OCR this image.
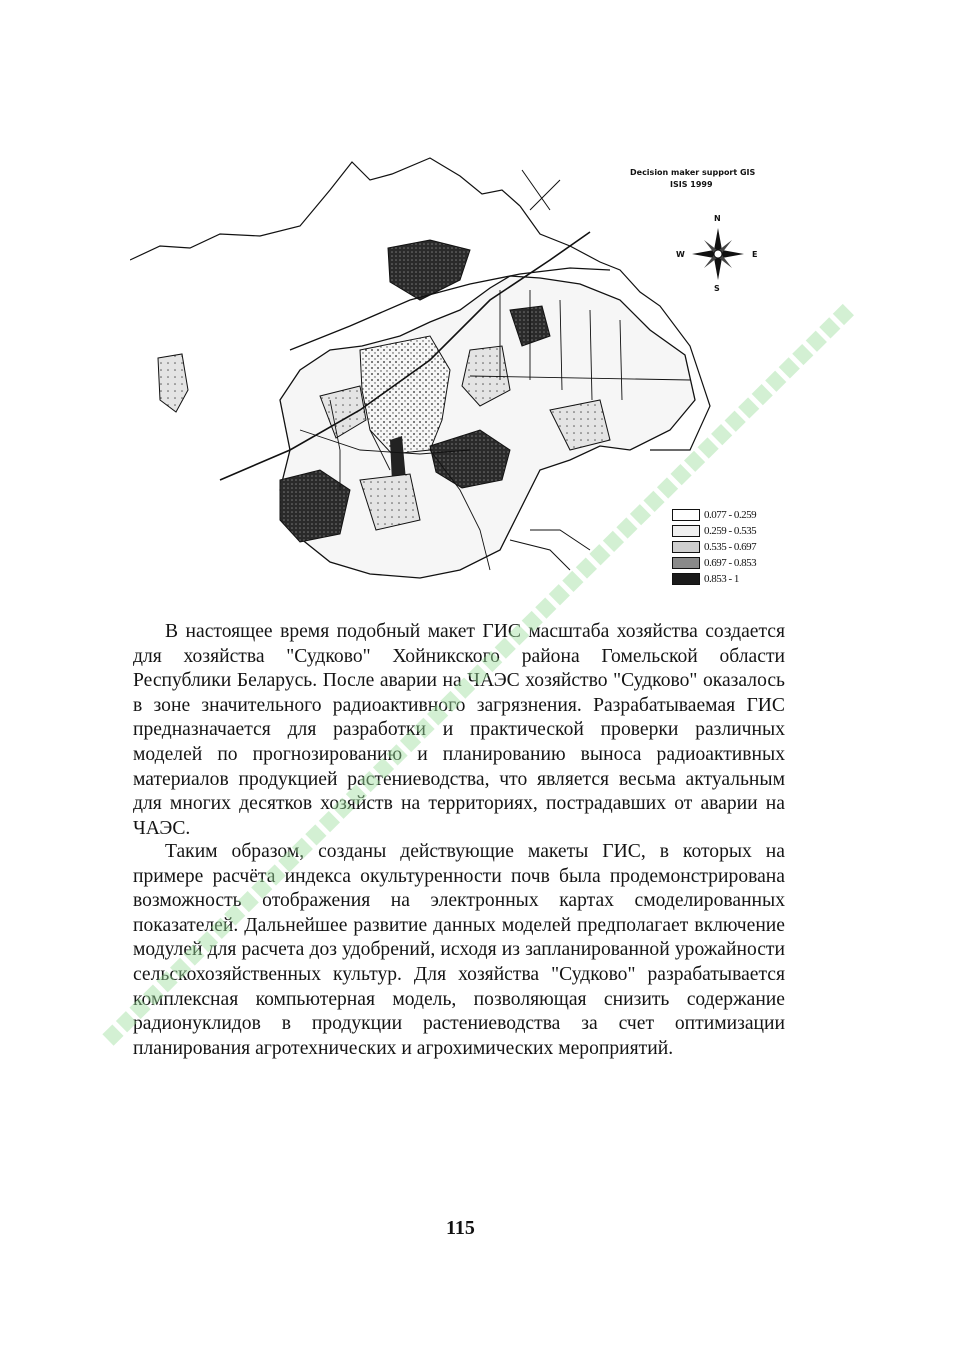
Decision maker support GIS
ISIS 1999
N
S
E
W
0.077 - 0.259
0.259 - 0.535
0.535 - 0.697
0.697 - 0.853
0.853 - 1

В настоящее время подобный макет ГИС масштаба хозяйства создается для хозяйства "Судково" Хойникского района Гомельской области Республики Беларусь. После аварии на ЧАЭС хозяйство "Судково" оказалось в зоне значительного радиоактивного загрязнения. Разрабатываемая ГИС предназначается для разработки и практической проверки различных моделей по прогнозированию и планированию выноса радиоактивных материалов продукцией растениеводства, что является весьма актуальным для многих десятков хозяйств на территориях, пострадавших от аварии на ЧАЭС.

Таким образом, созданы действующие макеты ГИС, в которых на примере расчёта индекса окультуренности почв была продемонстрирована возможность отображения на электронных картах смоделированных показателей. Дальнейшее развитие данных моделей предполагает включение модулей для расчета доз удобрений, исходя из запланированной урожайности сельскохозяйственных культур. Для хозяйства "Судково" разрабатывается комплексная компьютерная модель, позволяющая снизить содержание радионуклидов в продукции растениеводства за счет оптимизации планирования агротехнических и агрохимических мероприятий.

115
